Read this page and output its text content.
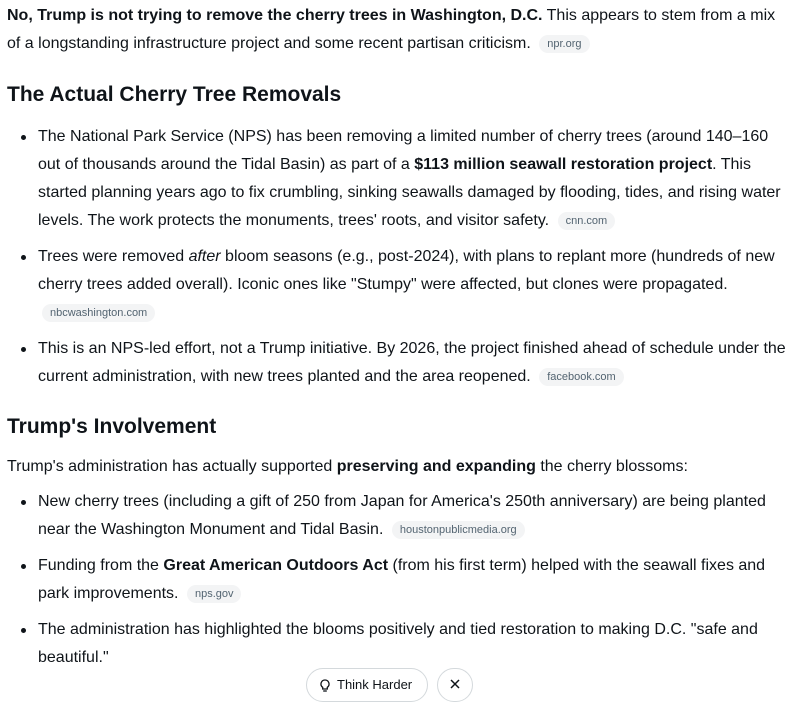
No, Trump is not trying to remove the cherry trees in Washington, D.C. This appears to stem from a mix of a longstanding infrastructure project and some recent partisan criticism. npr.org

The Actual Cherry Tree Removals
The National Park Service (NPS) has been removing a limited number of cherry trees (around 140–160 out of thousands around the Tidal Basin) as part of a $113 million seawall restoration project. This started planning years ago to fix crumbling, sinking seawalls damaged by flooding, tides, and rising water levels. The work protects the monuments, trees' roots, and visitor safety. cnn.com
Trees were removed after bloom seasons (e.g., post-2024), with plans to replant more (hundreds of new cherry trees added overall). Iconic ones like "Stumpy" were affected, but clones were propagated. nbcwashington.com
This is an NPS-led effort, not a Trump initiative. By 2026, the project finished ahead of schedule under the current administration, with new trees planted and the area reopened. facebook.com
Trump's Involvement

Trump's administration has actually supported preserving and expanding the cherry blossoms:

New cherry trees (including a gift of 250 from Japan for America's 250th anniversary) are being planted near the Washington Monument and Tidal Basin. houstonpublicmedia.org
Funding from the Great American Outdoors Act (from his first term) helped with the seawall fixes and park improvements. nps.gov
The administration has highlighted the blooms positively and tied restoration to making D.C. "safe and beautiful."
Think Harder
